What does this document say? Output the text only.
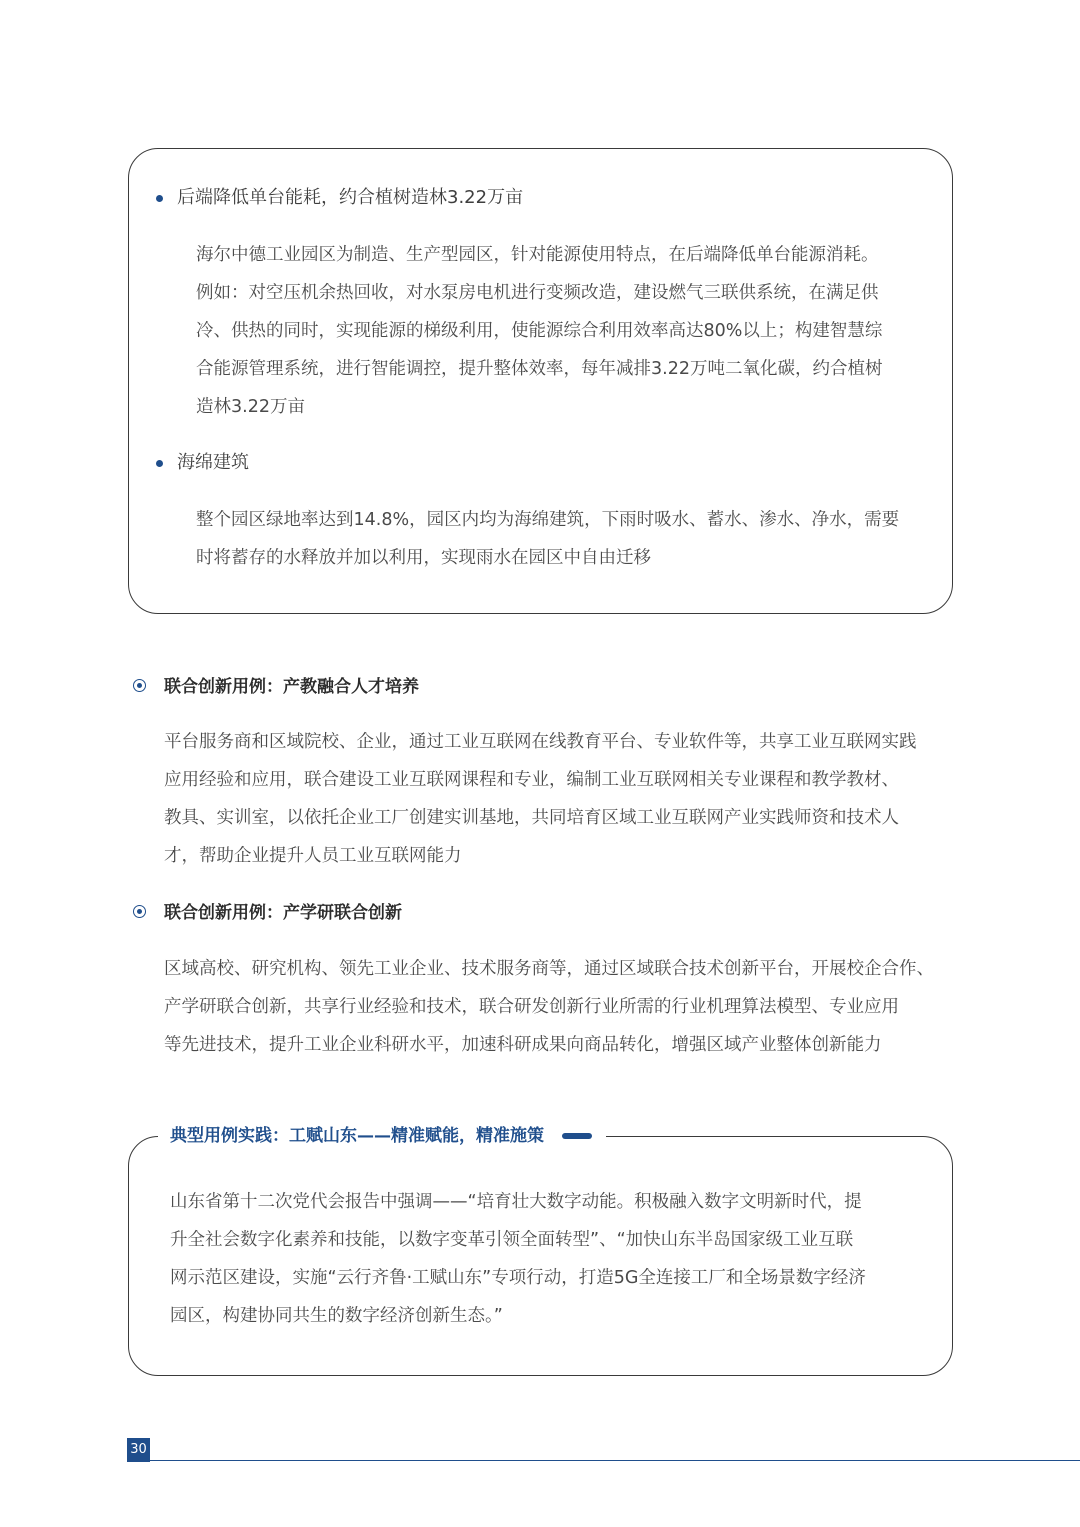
后端降低单台能耗，约合植树造林3.22万亩
海尔中德工业园区为制造、生产型园区，针对能源使用特点，在后端降低单台能源消耗。
例如：对空压机余热回收，对水泵房电机进行变频改造，建设燃气三联供系统，在满足供
冷、供热的同时，实现能源的梯级利用，使能源综合利用效率高达80%以上；构建智慧综
合能源管理系统，进行智能调控，提升整体效率，每年减排3.22万吨二氧化碳，约合植树
造林3.22万亩
海绵建筑
整个园区绿地率达到14.8%，园区内均为海绵建筑，下雨时吸水、蓄水、渗水、净水，需要
时将蓄存的水释放并加以利用，实现雨水在园区中自由迁移
联合创新用例：产教融合人才培养
平台服务商和区域院校、企业，通过工业互联网在线教育平台、专业软件等，共享工业互联网实践
应用经验和应用，联合建设工业互联网课程和专业，编制工业互联网相关专业课程和教学教材、
教具、实训室，以依托企业工厂创建实训基地，共同培育区域工业互联网产业实践师资和技术人
才，帮助企业提升人员工业互联网能力
联合创新用例：产学研联合创新
区域高校、研究机构、领先工业企业、技术服务商等，通过区域联合技术创新平台，开展校企合作、
产学研联合创新，共享行业经验和技术，联合研发创新行业所需的行业机理算法模型、专业应用
等先进技术，提升工业企业科研水平，加速科研成果向商品转化，增强区域产业整体创新能力
典型用例实践：工赋山东——精准赋能，精准施策
山东省第十二次党代会报告中强调——“培育壮大数字动能。积极融入数字文明新时代，提
升全社会数字化素养和技能，以数字变革引领全面转型”、“加快山东半岛国家级工业互联
网示范区建设，实施“云行齐鲁·工赋山东”专项行动，打造5G全连接工厂和全场景数字经济
园区，构建协同共生的数字经济创新生态。”
30
